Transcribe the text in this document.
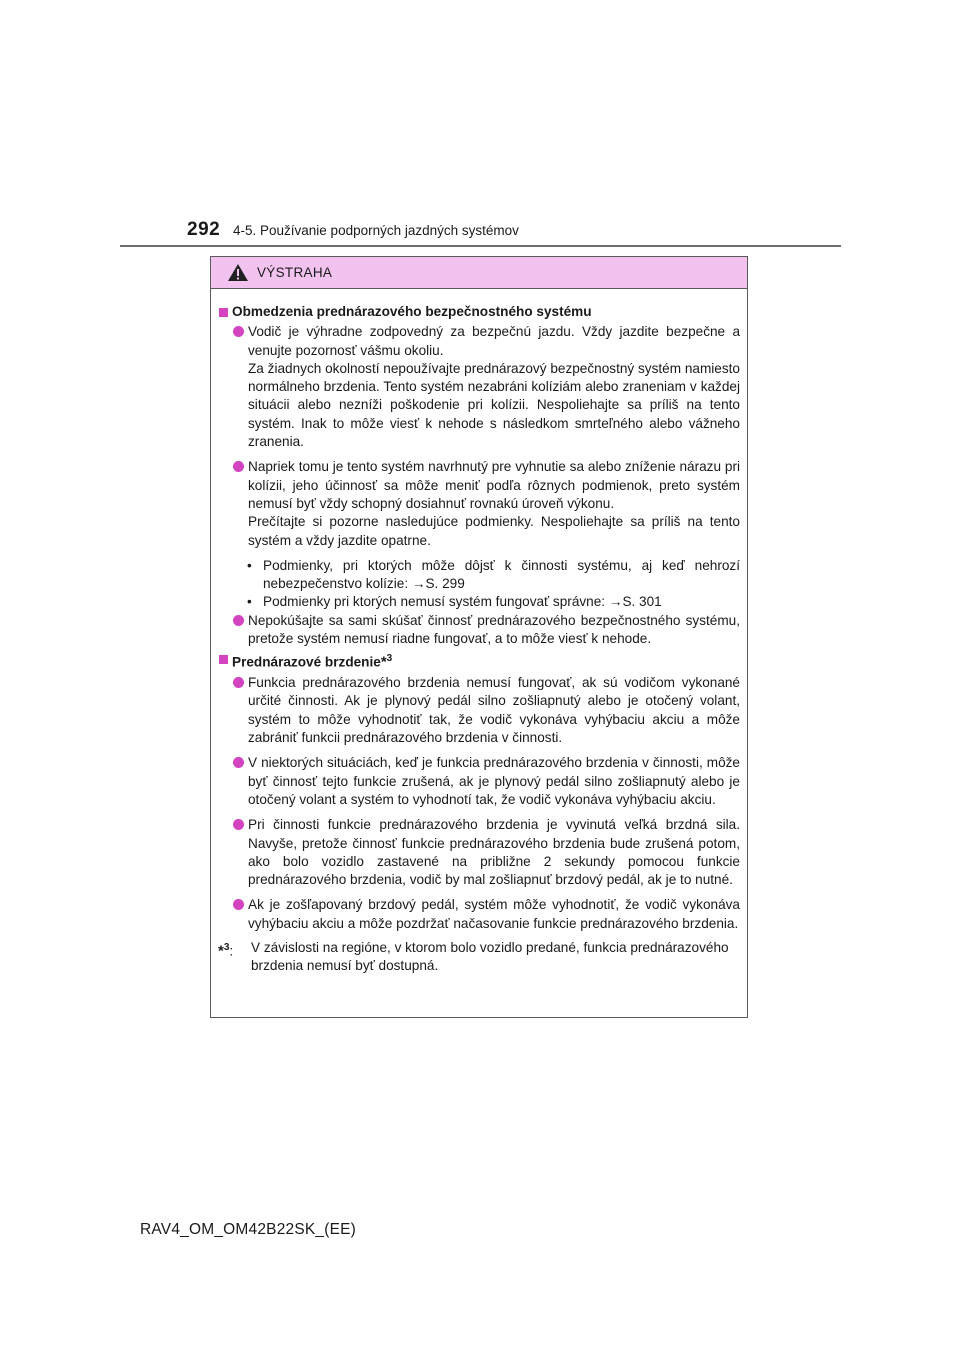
292 4-5. Používanie podporných jazdných systémov
VÝSTRAHA
Obmedzenia prednárazového bezpečnostného systému
Vodič je výhradne zodpovedný za bezpečnú jazdu. Vždy jazdite bezpečne a venujte pozornosť vášmu okoliu.
Za žiadnych okolností nepoužívajte prednárazový bezpečnostný systém namiesto normálneho brzdenia. Tento systém nezabráni kolíziám alebo zraneniam v každej situácii alebo nezníži poškodenie pri kolízii. Nespoliehajte sa príliš na tento systém. Inak to môže viesť k nehode s následkom smrteľného alebo vážneho zranenia.
Napriek tomu je tento systém navrhnutý pre vyhnutie sa alebo zníženie nárazu pri kolízii, jeho účinnosť sa môže meniť podľa rôznych podmienok, preto systém nemusí byť vždy schopný dosiahnuť rovnakú úroveň výkonu.
Prečítajte si pozorne nasledujúce podmienky. Nespoliehajte sa príliš na tento systém a vždy jazdite opatrne.
• Podmienky, pri ktorých môže dôjsť k činnosti systému, aj keď nehrozí nebezpečenstvo kolízie: →S. 299
• Podmienky pri ktorých nemusí systém fungovať správne: →S. 301
Nepokúšajte sa sami skúšať činnosť prednárazového bezpečnostného systému, pretože systém nemusí riadne fungovať, a to môže viesť k nehode.
Prednárazové brzdenie*$^3$
Funkcia prednárazového brzdenia nemusí fungovať, ak sú vodičom vykonané určité činnosti. Ak je plynový pedál silno zošliapnutý alebo je otočený volant, systém to môže vyhodnotiť tak, že vodič vykonáva vyhýbaciu akciu a môže zabrániť funkcii prednárazového brzdenia v činnosti.
V niektorých situáciách, keď je funkcia prednárazového brzdenia v činnosti, môže byť činnosť tejto funkcie zrušená, ak je plynový pedál silno zošliapnutý alebo je otočený volant a systém to vyhodnotí tak, že vodič vykonáva vyhýbaciu akciu.
Pri činnosti funkcie prednárazového brzdenia je vyvinutá veľká brzdná sila. Navyše, pretože činnosť funkcie prednárazového brzdenia bude zrušená potom, ako bolo vozidlo zastavené na približne 2 sekundy pomocou funkcie prednárazového brzdenia, vodič by mal zošliapnuť brzdový pedál, ak je to nutné.
Ak je zošľapovaný brzdový pedál, systém môže vyhodnotiť, že vodič vykonáva vyhýbaciu akciu a môže pozdržať načasovanie funkcie prednárazového brzdenia.
*$^3$:	V závislosti na regióne, v ktorom bolo vozidlo predané, funkcia prednárazového brzdenia nemusí byť dostupná.
RAV4_OM_OM42B22SK_(EE)
